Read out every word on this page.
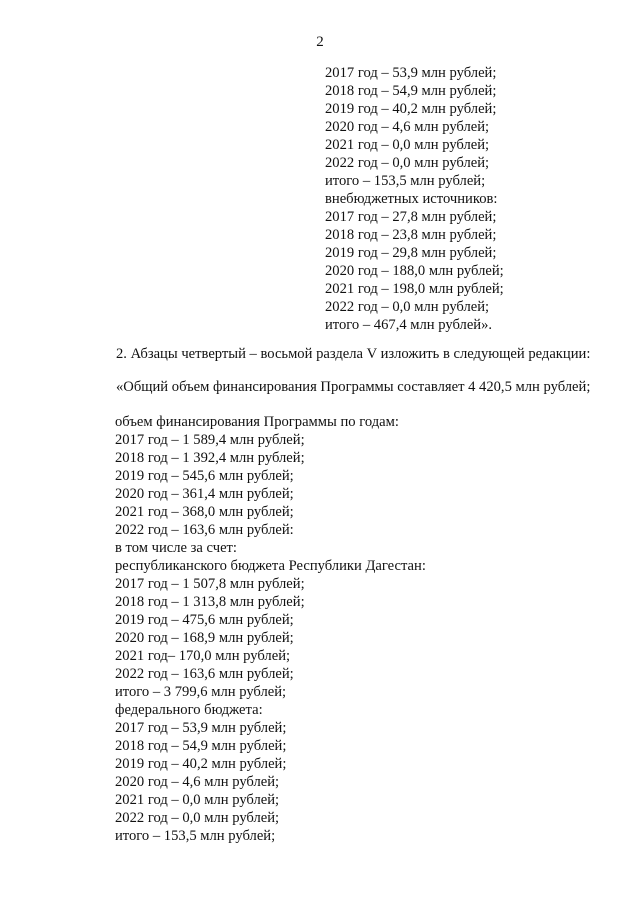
2
2017 год – 53,9 млн рублей;
2018 год – 54,9 млн рублей;
2019 год – 40,2 млн рублей;
2020 год – 4,6 млн рублей;
2021 год – 0,0 млн рублей;
2022 год – 0,0 млн рублей;
итого – 153,5 млн рублей;
внебюджетных источников:
2017 год – 27,8 млн рублей;
2018 год – 23,8 млн рублей;
2019 год – 29,8 млн рублей;
2020 год – 188,0 млн рублей;
2021 год – 198,0 млн рублей;
2022 год – 0,0 млн рублей;
итого – 467,4 млн рублей».
2. Абзацы четвертый – восьмой раздела V изложить в следующей редакции:
«Общий объем финансирования Программы составляет 4 420,5 млн рублей;
объем финансирования Программы по годам:
2017 год – 1 589,4 млн рублей;
2018 год – 1 392,4 млн рублей;
2019 год – 545,6 млн рублей;
2020 год – 361,4 млн рублей;
2021 год – 368,0 млн рублей;
2022 год – 163,6 млн рублей:
в том числе за счет:
республиканского бюджета Республики Дагестан:
2017 год – 1 507,8 млн рублей;
2018 год – 1 313,8 млн рублей;
2019 год – 475,6 млн рублей;
2020 год – 168,9 млн рублей;
2021 год– 170,0 млн рублей;
2022 год – 163,6 млн рублей;
итого – 3 799,6 млн рублей;
федерального бюджета:
2017 год – 53,9 млн рублей;
2018 год – 54,9 млн рублей;
2019 год – 40,2 млн рублей;
2020 год – 4,6 млн рублей;
2021 год – 0,0 млн рублей;
2022 год – 0,0 млн рублей;
итого – 153,5 млн рублей;
